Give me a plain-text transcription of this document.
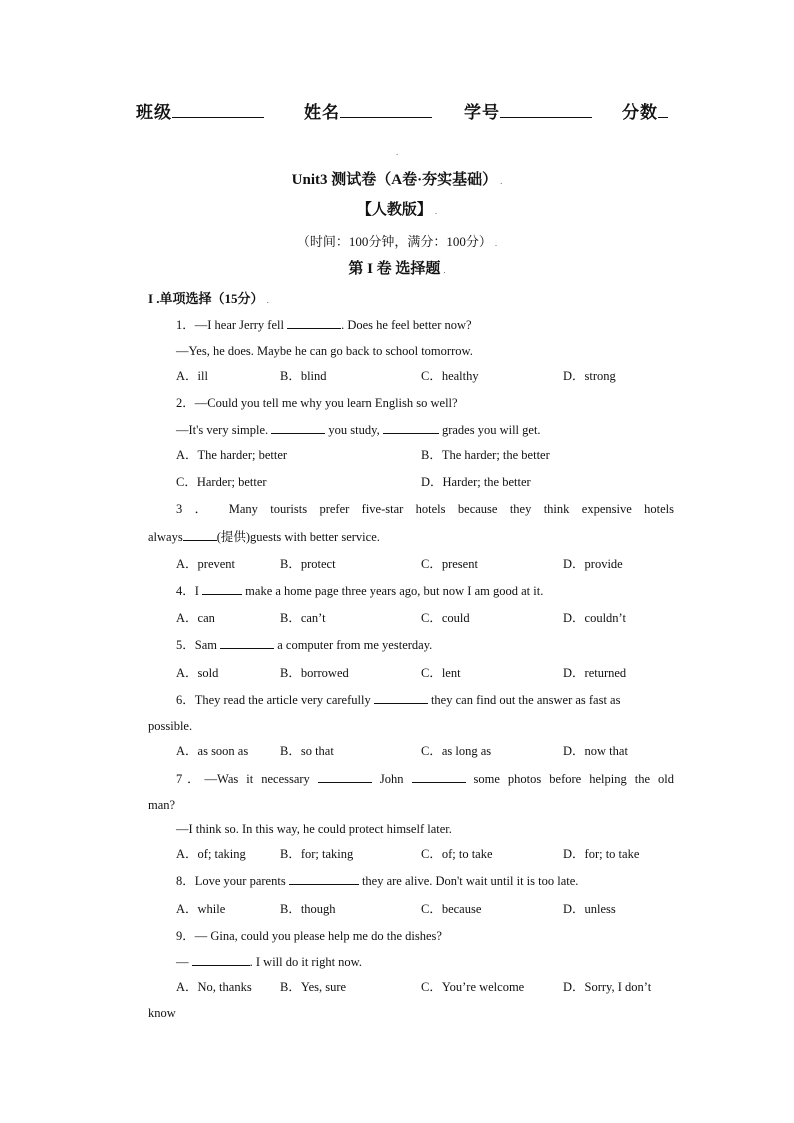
班级	姓名	学号	分数
.
Unit3 测试卷（A卷·夯实基础） .
【人教版】 .
（时间：100分钟，满分：100分） .
第 I 卷 选择题 .
I .单项选择（15分） .
1．—I hear Jerry fell	. Does he feel better now?
—Yes, he does. Maybe he can go back to school tomorrow.
A．ill	B．blind	C．healthy	D．strong
2．—Could you tell me why you learn English so well?
—It's very simple.	you study,	grades you will get.
A．The harder; better	B．The harder; the better
C．Harder; better	D．Harder; the better
3 ． Many tourists prefer five-star hotels because they think expensive hotels
always	(提供)guests with better service.
A．prevent	B．protect	C．present	D．provide
4．I	make a home page three years ago, but now I am good at it.
A．can	B．can’t	C．could	D．couldn’t
5．Sam	a computer from me yesterday.
A．sold	B．borrowed	C．lent	D．returned
6．They read the article very carefully	they can find out the answer as fast as
possible.
A．as soon as	B．so that	C．as long as	D．now that
7．—Was it necessary	John	some photos before helping the old
man?
—I think so. In this way, he could protect himself later.
A．of; taking	B．for; taking	C．of; to take	D．for; to take
8．Love your parents	they are alive. Don't wait until it is too late.
A．while	B．though	C．because	D．unless
9．— Gina, could you please help me do the dishes?
—	. I will do it right now.
A．No, thanks B．Yes, sure	C．You’re welcome	D．Sorry, I don’t
know
